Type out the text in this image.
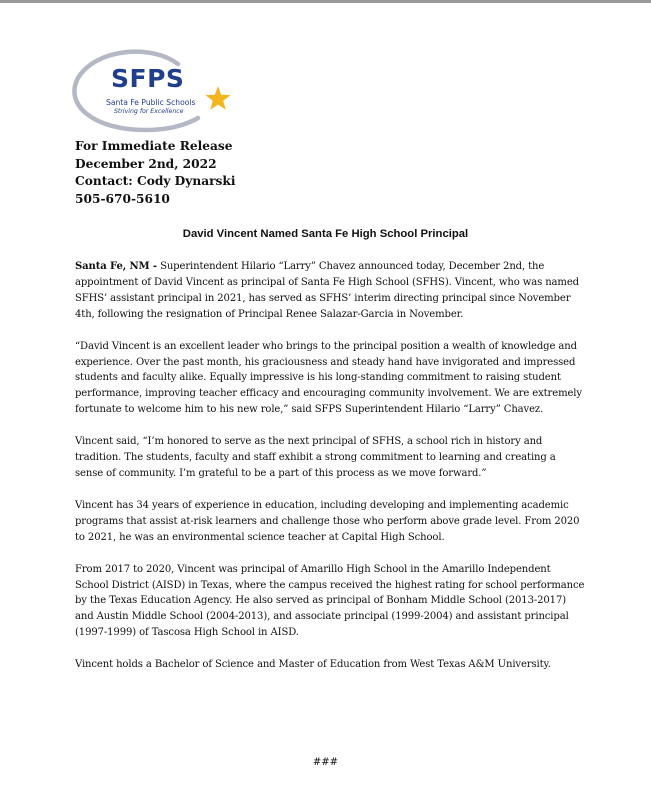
SFPS
Santa Fe Public Schools
Striving for Excellence
For Immediate Release
December 2nd, 2022
Contact: Cody Dynarski
505-670-5610
David Vincent Named Santa Fe High School Principal

Santa Fe, NM - Superintendent Hilario “Larry” Chavez announced today, December 2nd, the appointment of David Vincent as principal of Santa Fe High School (SFHS). Vincent, who was named SFHS’ assistant principal in 2021, has served as SFHS’ interim directing principal since November 4th, following the resignation of Principal Renee Salazar-Garcia in November.

“David Vincent is an excellent leader who brings to the principal position a wealth of knowledge and experience. Over the past month, his graciousness and steady hand have invigorated and impressed students and faculty alike. Equally impressive is his long-standing commitment to raising student performance, improving teacher efficacy and encouraging community involvement. We are extremely fortunate to welcome him to his new role,” said SFPS Superintendent Hilario “Larry” Chavez.

Vincent said, “I’m honored to serve as the next principal of SFHS, a school rich in history and tradition. The students, faculty and staff exhibit a strong commitment to learning and creating a sense of community. I’m grateful to be a part of this process as we move forward.”

Vincent has 34 years of experience in education, including developing and implementing academic programs that assist at-risk learners and challenge those who perform above grade level. From 2020 to 2021, he was an environmental science teacher at Capital High School.

From 2017 to 2020, Vincent was principal of Amarillo High School in the Amarillo Independent School District (AISD) in Texas, where the campus received the highest rating for school performance by the Texas Education Agency. He also served as principal of Bonham Middle School (2013-2017) and Austin Middle School (2004-2013), and associate principal (1999-2004) and assistant principal (1997-1999) of Tascosa High School in AISD.

Vincent holds a Bachelor of Science and Master of Education from West Texas A&M University.

###
